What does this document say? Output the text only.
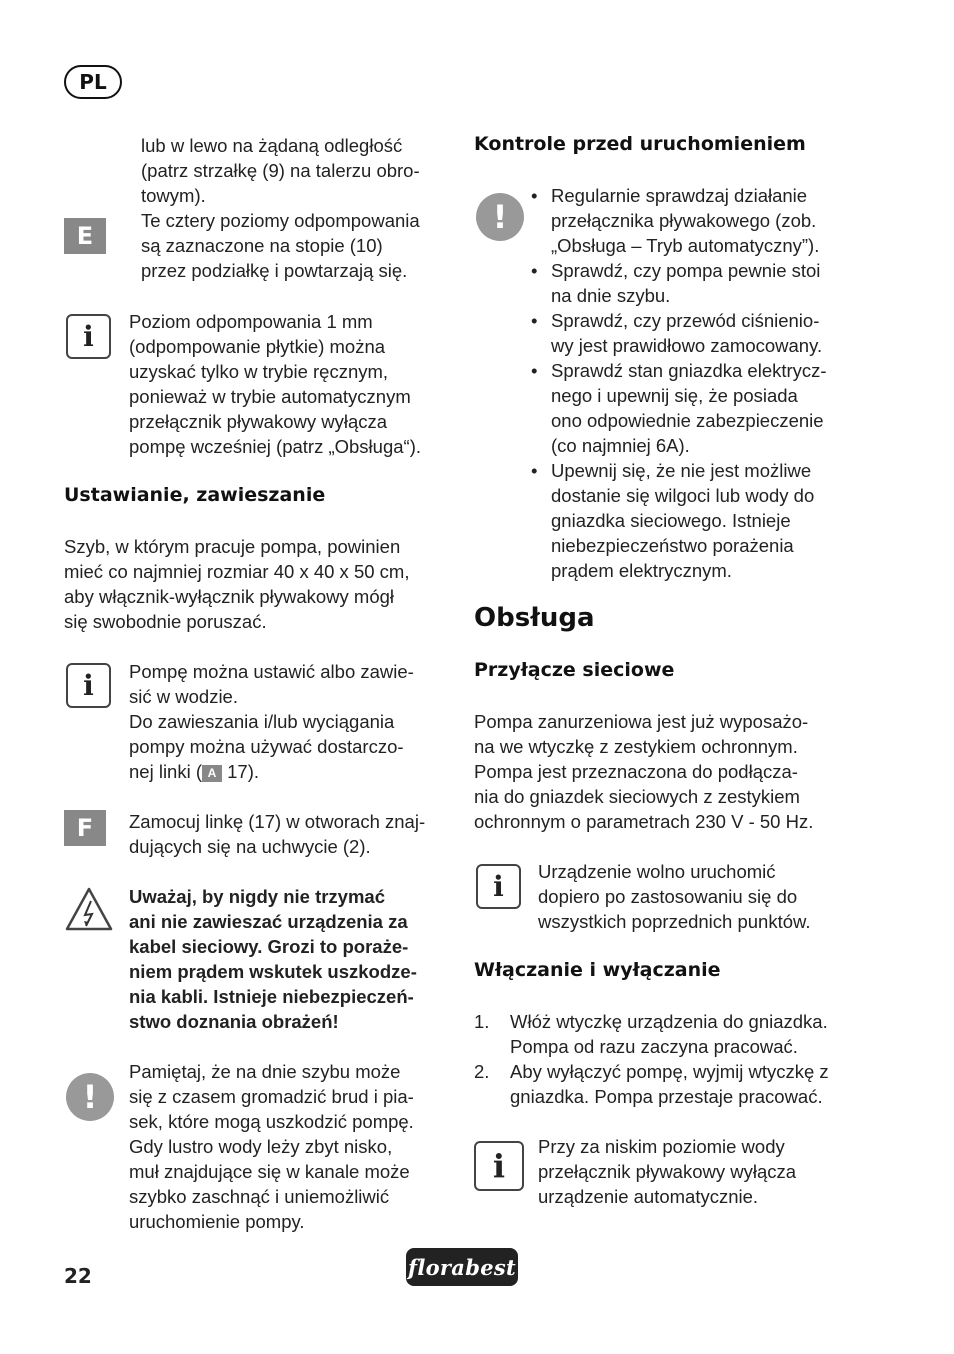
PL
E

lub w lewo na żądaną odległość

(patrz strzałkę (9) na talerzu obro-

towym).

Te cztery poziomy odpompowania

są zaznaczone na stopie (10)

przez podziałkę i powtarzają się.

i	Poziom odpompowania 1 mm

(odpompowanie płytkie) można

uzyskać tylko w trybie ręcznym,

ponieważ w trybie automatycznym

przełącznik pływakowy wyłącza

pompę wcześniej (patrz „Obsługa“).

Ustawianie, zawieszanie

Szyb, w którym pracuje pompa, powinien

mieć co najmniej rozmiar 40 x 40 x 50 cm,

aby włącznik-wyłącznik pływakowy mógł

się swobodnie poruszać.

i	Pompę można ustawić albo zawie-

sić w wodzie.

Do zawieszania i/lub wyciągania

pompy można używać dostarczo-

nej linki ( A 17).

F	Zamocuj linkę (17) w otworach znaj-

dujących się na uchwycie (2).

Uważaj, by nigdy nie trzymać

ani nie zawieszać urządzenia za

kabel sieciowy. Grozi to poraże-

niem prądem wskutek uszkodze-

nia kabli. Istnieje niebezpieczeń-

stwo doznania obrażeń!

!

Pamiętaj, że na dnie szybu może

się z czasem gromadzić brud i pia-

sek, które mogą uszkodzić pompę.

Gdy lustro wody leży zbyt nisko,

muł znajdujące się w kanale może

szybko zaschnąć i uniemożliwić

uruchomienie pompy.

Kontrole przed uruchomieniem
!

• Regularnie sprawdzaj działanie

przełącznika pływakowego (zob.

„Obsługa – Tryb automatyczny”).

• Sprawdź, czy pompa pewnie stoi

na dnie szybu.

• Sprawdź, czy przewód ciśnienio-

wy jest prawidłowo zamocowany.

• Sprawdź stan gniazdka elektrycz-

nego i upewnij się, że posiada

ono odpowiednie zabezpieczenie

(co najmniej 6A).

• Upewnij się, że nie jest możliwe

dostanie się wilgoci lub wody do

gniazdka sieciowego. Istnieje

niebezpieczeństwo porażenia

prądem elektrycznym.

Obsługa
Przyłącze sieciowe

Pompa zanurzeniowa jest już wyposażo-

na we wtyczkę z zestykiem ochronnym.

Pompa jest przeznaczona do podłącza-

nia do gniazdek sieciowych z zestykiem

ochronnym o parametrach 230 V - 50 Hz.

i	Urządzenie wolno uruchomić

dopiero po zastosowaniu się do

wszystkich poprzednich punktów.

Włączanie i wyłączanie
1. Włóż wtyczkę urządzenia do gniazdka.

Pompa od razu zaczyna pracować.

2. Aby wyłączyć pompę, wyjmij wtyczkę z

gniazdka. Pompa przestaje pracować.

i

Przy za niskim poziomie wody

przełącznik pływakowy wyłącza

urządzenie automatycznie.

22	florabest
